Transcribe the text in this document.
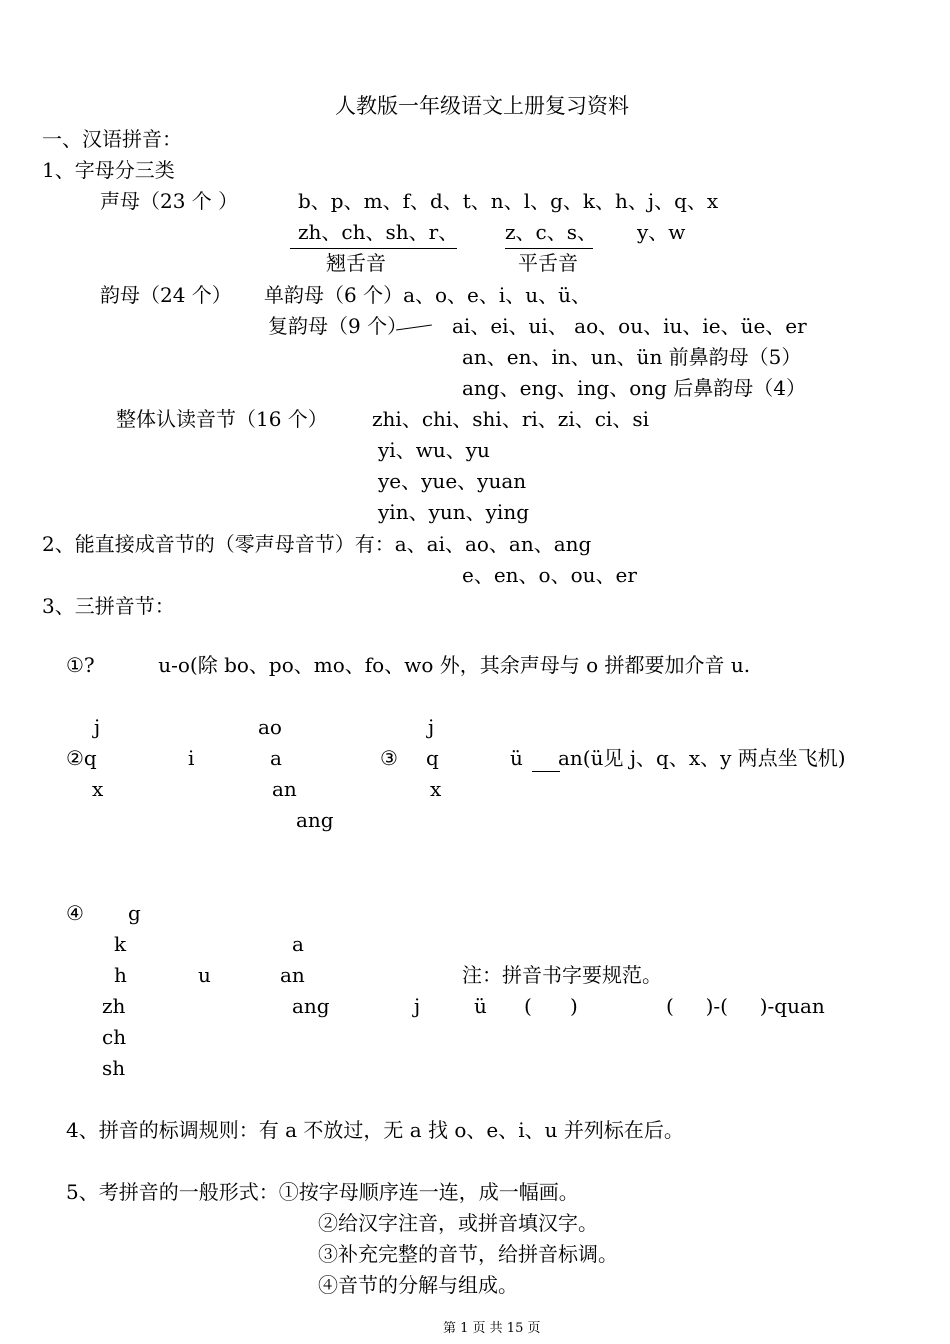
人教版一年级语文上册复习资料
一、汉语拼音：
1、字母分三类
声母（23 个 ）	b、p、m、f、d、t、n、l、g、k、h、j、q、x
zh、ch、sh、r、 z、c、s、 y、w
翘舌音	平舌音
韵母（24 个） 单韵母（6 个）a、o、e、i、u、ü、
复韵母（9 个） ai、ei、ui、 ao、ou、iu、ie、üe、er
an、en、in、un、ün 前鼻韵母（5）
ang、eng、ing、ong 后鼻韵母（4）
整体认读音节（16 个） zhi、chi、shi、ri、zi、ci、si
yi、wu、yu
ye、yue、yuan
yin、yun、ying
2、能直接成音节的（零声母音节）有：a、ai、ao、an、ang
e、en、o、ou、er
3、三拼音节：
①?          u-o(除 bo、po、mo、fo、wo 外，其余声母与 o 拼都要加介音 u.
j	ao
②q	i	a
x	an
ang
j
③ q	ü an(ü见 j、q、x、y 两点坐飞机)
x
④ g
k	a
h	u	an	注：拼音书字要规范。
zh	ang	j	ü (      )	(     )-(     )-quan
ch
sh
4、拼音的标调规则：有 a 不放过，无 a 找 o、e、i、u 并列标在后。
5、考拼音的一般形式：①按字母顺序连一连，成一幅画。
②给汉字注音，或拼音填汉字。
③补充完整的音节，给拼音标调。
④音节的分解与组成。
第 1 页 共 15 页
